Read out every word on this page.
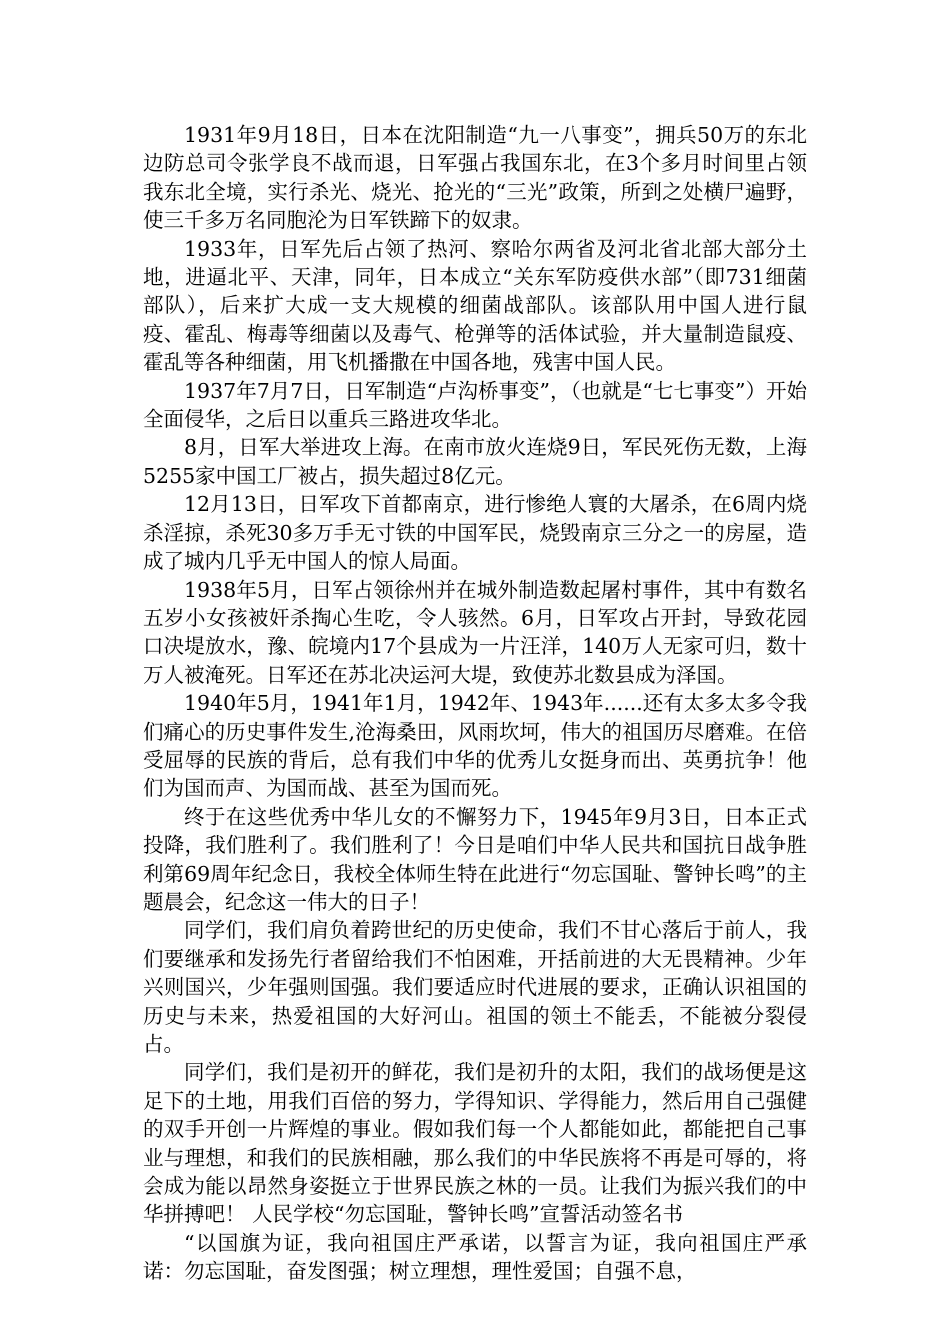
1931年9月18日，日本在沈阳制造“九一八事变”，拥兵50万的东北边防总司令张学良不战而退，日军强占我国东北，在3个多月时间里占领我东北全境，实行杀光、烧光、抢光的“三光”政策，所到之处横尸遍野，使三千多万名同胞沦为日军铁蹄下的奴隶。

1933年，日军先后占领了热河、察哈尔两省及河北省北部大部分土地，进逼北平、天津，同年，日本成立“关东军防疫供水部”（即731细菌部队），后来扩大成一支大规模的细菌战部队。该部队用中国人进行鼠疫、霍乱、梅毒等细菌以及毒气、枪弹等的活体试验，并大量制造鼠疫、霍乱等各种细菌，用飞机播撒在中国各地，残害中国人民。

1937年7月7日，日军制造“卢沟桥事变”，（也就是“七七事变”）开始全面侵华，之后日以重兵三路进攻华北。

8月，日军大举进攻上海。在南市放火连烧9日，军民死伤无数，上海5255家中国工厂被占，损失超过8亿元。

12月13日，日军攻下首都南京，进行惨绝人寰的大屠杀，在6周内烧杀淫掠，杀死30多万手无寸铁的中国军民，烧毁南京三分之一的房屋，造成了城内几乎无中国人的惊人局面。

1938年5月，日军占领徐州并在城外制造数起屠村事件，其中有数名五岁小女孩被奸杀掏心生吃，令人骇然。6月，日军攻占开封，导致花园口决堤放水，豫、皖境内17个县成为一片汪洋，140万人无家可归，数十万人被淹死。日军还在苏北决运河大堤，致使苏北数县成为泽国。

1940年5月，1941年1月，1942年、1943年......还有太多太多令我们痛心的历史事件发生,沧海桑田，风雨坎坷，伟大的祖国历尽磨难。在倍受屈辱的民族的背后，总有我们中华的优秀儿女挺身而出、英勇抗争！他们为国而声、为国而战、甚至为国而死。

终于在这些优秀中华儿女的不懈努力下，1945年9月3日，日本正式投降，我们胜利了。我们胜利了！今日是咱们中华人民共和国抗日战争胜利第69周年纪念日，我校全体师生特在此进行“勿忘国耻、警钟长鸣”的主题晨会，纪念这一伟大的日子！

同学们，我们肩负着跨世纪的历史使命，我们不甘心落后于前人，我们要继承和发扬先行者留给我们不怕困难，开括前进的大无畏精神。少年兴则国兴，少年强则国强。我们要适应时代进展的要求，正确认识祖国的历史与未来，热爱祖国的大好河山。祖国的领土不能丢，不能被分裂侵占。

同学们，我们是初开的鲜花，我们是初升的太阳，我们的战场便是这足下的土地，用我们百倍的努力，学得知识、学得能力，然后用自己强健的双手开创一片辉煌的事业。假如我们每一个人都能如此，都能把自己事业与理想，和我们的民族相融，那么我们的中华民族将不再是可辱的，将会成为能以昂然身姿挺立于世界民族之林的一员。让我们为振兴我们的中华拼搏吧！ 人民学校“勿忘国耻，警钟长鸣”宣誓活动签名书

“以国旗为证，我向祖国庄严承诺，以誓言为证，我向祖国庄严承诺：勿忘国耻，奋发图强；树立理想，理性爱国；自强不息，
